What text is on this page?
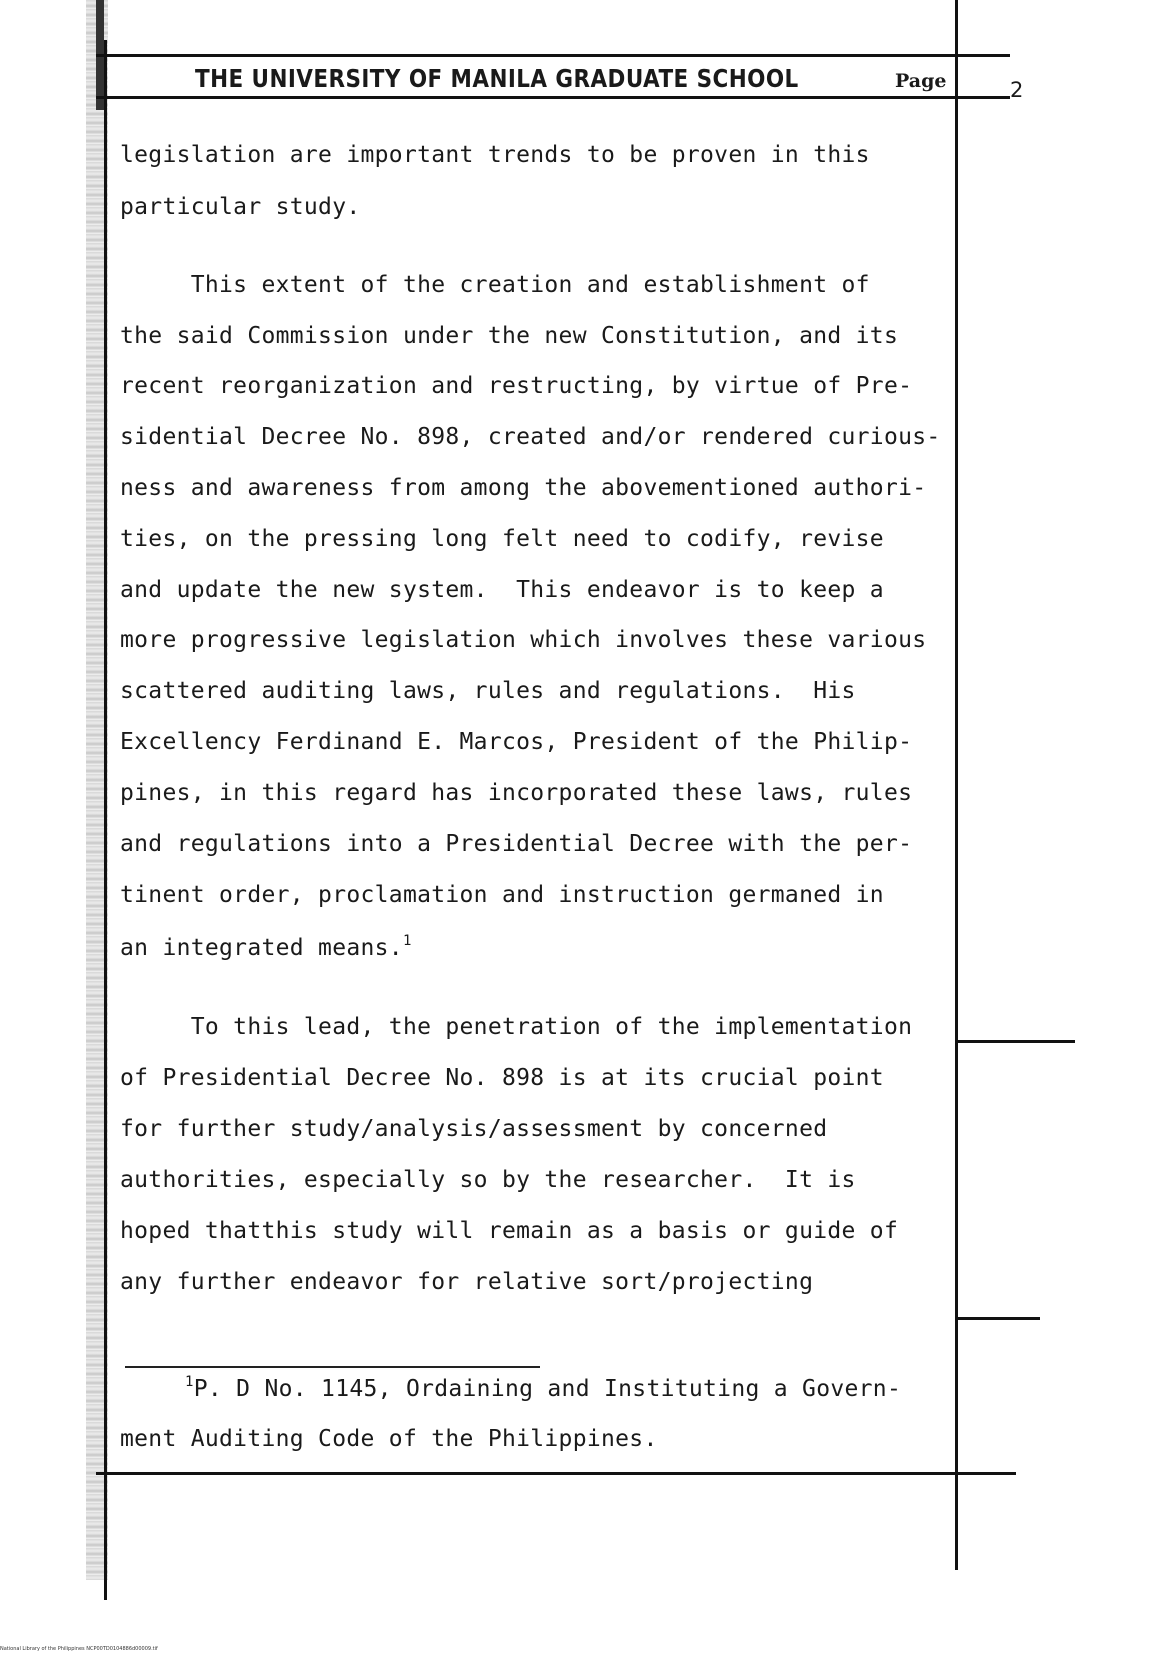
THE UNIVERSITY OF MANILA GRADUATE SCHOOL	Page	2
legislation are important trends to be proven in this
particular study.
This extent of the creation and establishment of
the said Commission under the new Constitution, and its
recent reorganization and restructing, by virtue of Pre-
sidential Decree No. 898, created and/or rendered curious-
ness and awareness from among the abovementioned authori-
ties, on the pressing long felt need to codify, revise
and update the new system.  This endeavor is to keep a
more progressive legislation which involves these various
scattered auditing laws, rules and regulations.  His
Excellency Ferdinand E. Marcos, President of the Philip-
pines, in this regard has incorporated these laws, rules
and regulations into a Presidential Decree with the per-
tinent order, proclamation and instruction germaned in
an integrated means.$^1$
To this lead, the penetration of the implementation
of Presidential Decree No. 898 is at its crucial point
for further study/analysis/assessment by concerned
authorities, especially so by the researcher.  It is
hoped thatthis study will remain as a basis or guide of
any further endeavor for relative sort/projecting
$^1$P. D No. 1145, Ordaining and Instituting a Govern-
ment Auditing Code of the Philippines.
National Library of the Philippines NCP00TD0104886d00009.tif
